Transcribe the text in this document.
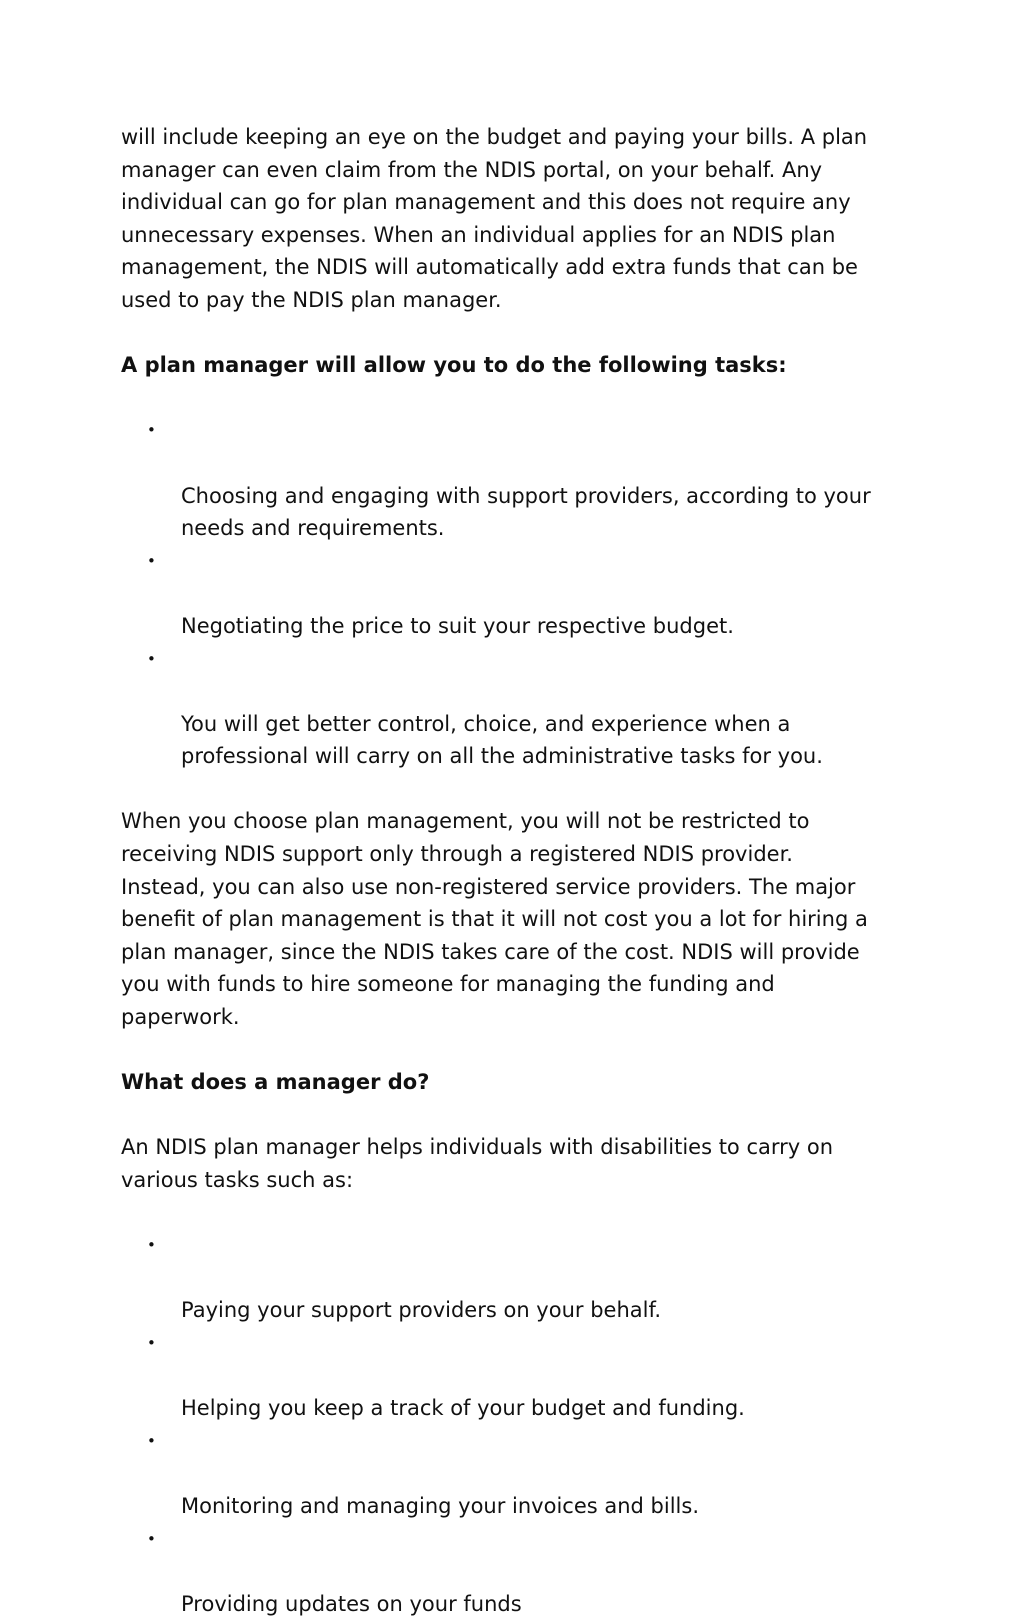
will include keeping an eye on the budget and paying your bills. A plan
manager can even claim from the NDIS portal, on your behalf. Any
individual can go for plan management and this does not require any
unnecessary expenses. When an individual applies for an NDIS plan
management, the NDIS will automatically add extra funds that can be
used to pay the NDIS plan manager.

A plan manager will allow you to do the following tasks:

•

Choosing and engaging with support providers, according to your
needs and requirements.

•

Negotiating the price to suit your respective budget.

•

You will get better control, choice, and experience when a
professional will carry on all the administrative tasks for you.

When you choose plan management, you will not be restricted to
receiving NDIS support only through a registered NDIS provider.
Instead, you can also use non-registered service providers. The major
benefit of plan management is that it will not cost you a lot for hiring a
plan manager, since the NDIS takes care of the cost. NDIS will provide
you with funds to hire someone for managing the funding and
paperwork.

What does a manager do?

An NDIS plan manager helps individuals with disabilities to carry on
various tasks such as:

•

Paying your support providers on your behalf.

•

Helping you keep a track of your budget and funding.

•

Monitoring and managing your invoices and bills.

•

Providing updates on your funds
